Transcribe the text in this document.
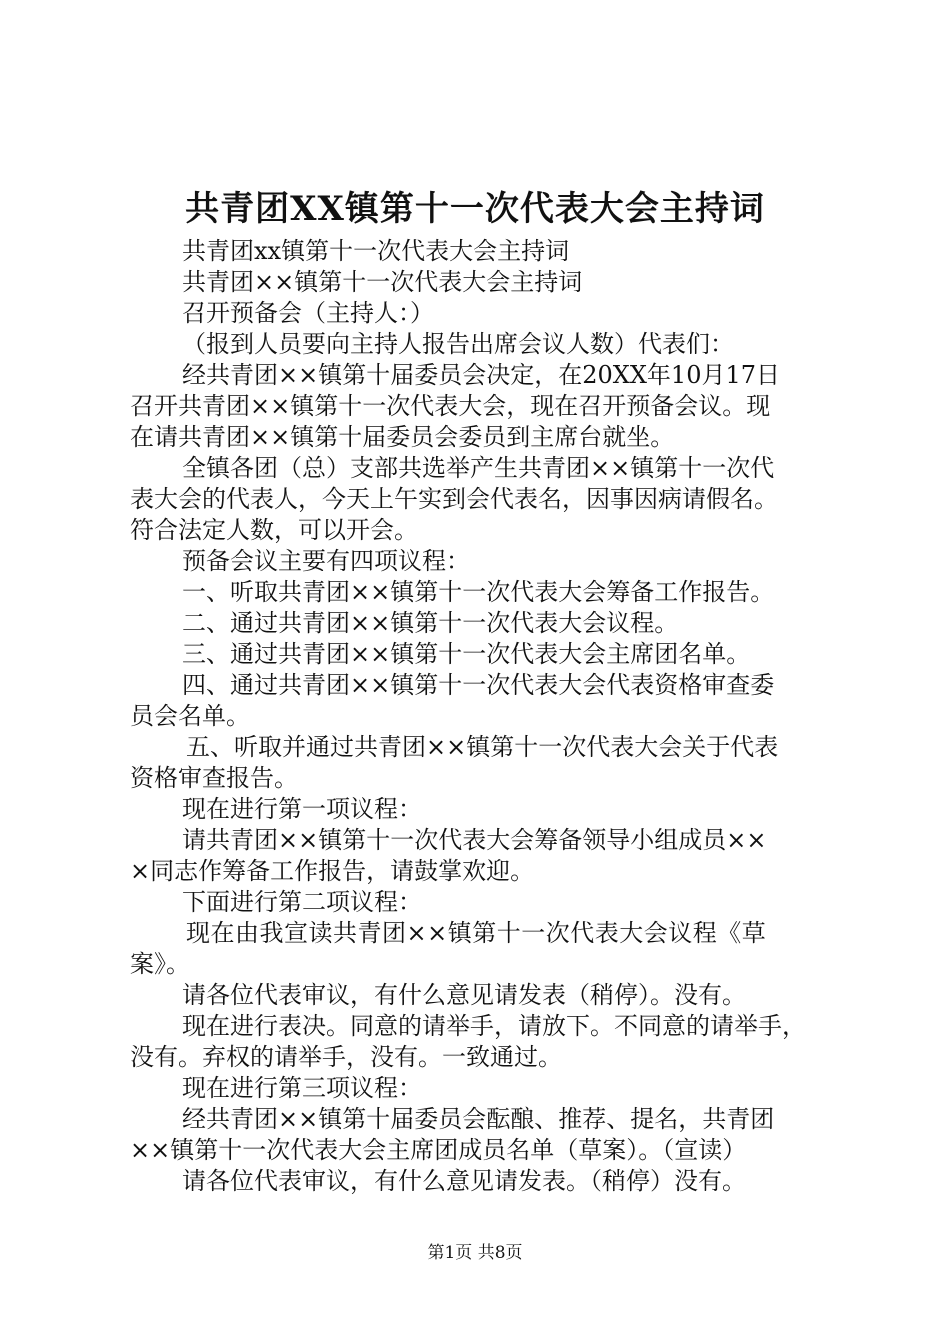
共青团XX镇第十一次代表大会主持词
共青团xx镇第十一次代表大会主持词
共青团××镇第十一次代表大会主持词
召开预备会（主持人：）
（报到人员要向主持人报告出席会议人数）代表们：
经共青团××镇第十届委员会决定，在20XX年10月17日
召开共青团××镇第十一次代表大会，现在召开预备会议。现
在请共青团××镇第十届委员会委员到主席台就坐。
全镇各团（总）支部共选举产生共青团××镇第十一次代
表大会的代表人，今天上午实到会代表名，因事因病请假名。
符合法定人数，可以开会。
预备会议主要有四项议程：
一、听取共青团××镇第十一次代表大会筹备工作报告。
二、通过共青团××镇第十一次代表大会议程。
三、通过共青团××镇第十一次代表大会主席团名单。
四、通过共青团××镇第十一次代表大会代表资格审查委
员会名单。
五、听取并通过共青团××镇第十一次代表大会关于代表
资格审查报告。
现在进行第一项议程：
请共青团××镇第十一次代表大会筹备领导小组成员××
×同志作筹备工作报告，请鼓掌欢迎。
下面进行第二项议程：
现在由我宣读共青团××镇第十一次代表大会议程《草
案》。
请各位代表审议，有什么意见请发表（稍停）。没有。
现在进行表决。同意的请举手，请放下。不同意的请举手，
没有。弃权的请举手，没有。一致通过。
现在进行第三项议程：
经共青团××镇第十届委员会酝酿、推荐、提名，共青团
××镇第十一次代表大会主席团成员名单（草案）。（宣读）
请各位代表审议，有什么意见请发表。（稍停）没有。
第1页 共8页
